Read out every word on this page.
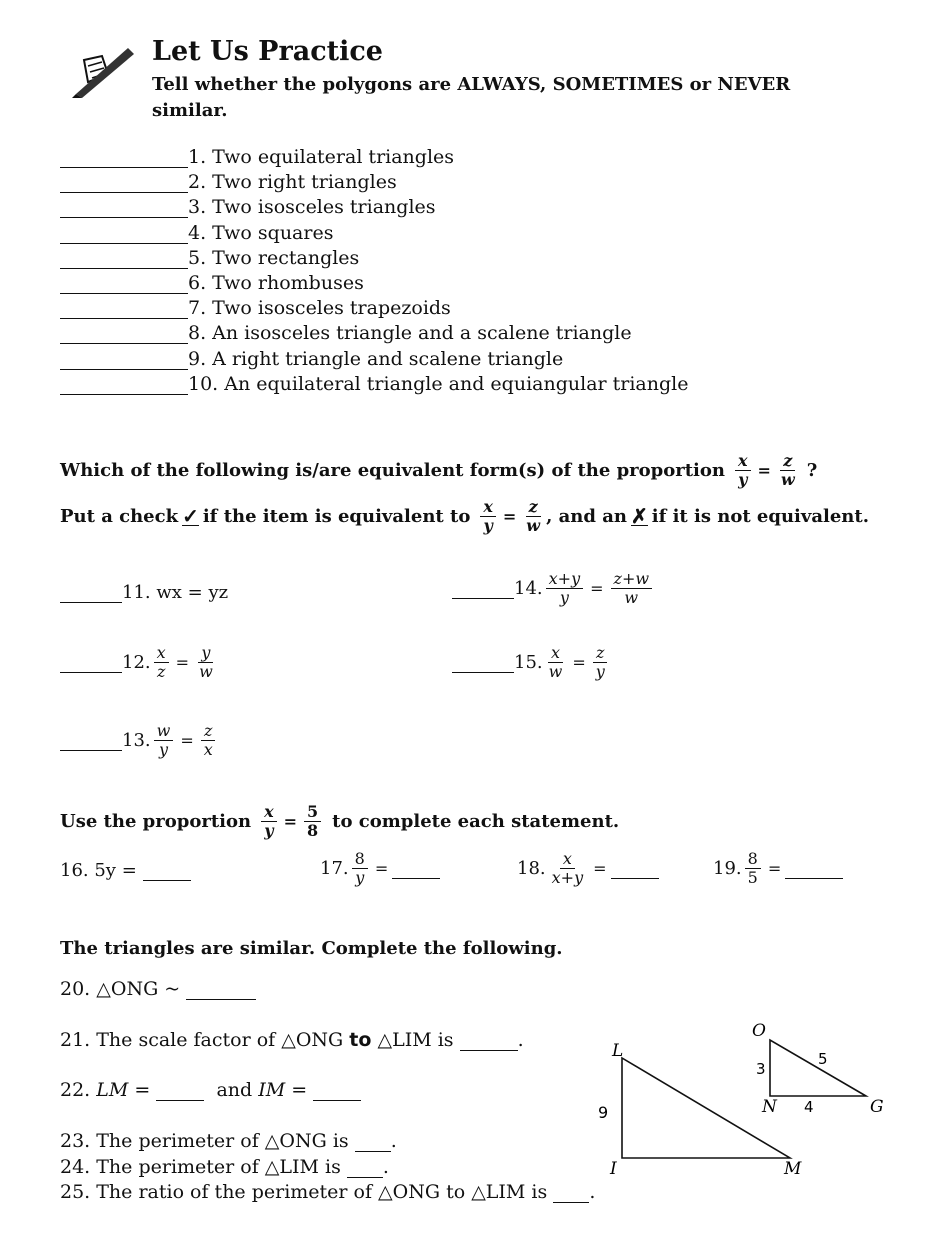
Let Us Practice
Tell whether the polygons are ALWAYS, SOMETIMES or NEVER similar.
1. Two equilateral triangles
2. Two right triangles
3. Two isosceles triangles
4. Two squares
5. Two rectangles
6. Two rhombuses
7. Two isosceles trapezoids
8. An isosceles triangle and a scalene triangle
9. A right triangle and scalene triangle
10. An equilateral triangle and equiangular triangle
Which of the following is/are equivalent form(s) of the proportion $\frac{x}{y} = \frac{z}{w}$ ?
Put a check ✓ if the item is equivalent to $\frac{x}{y} = \frac{z}{w}$ , and an ✗ if it is not equivalent.
11.
wx = yz
12. $\frac{x}{z} = \frac{y}{w}$
13. $\frac{w}{y} = \frac{z}{x}$
14. $\frac{x+y}{y} = \frac{z+w}{w}$
15. $\frac{x}{w} = \frac{z}{y}$
Use the proportion $\frac{x}{y} = \frac{5}{8}$ to complete each statement.
16. 5y =
	17. $\frac{8}{y}$ =	18. $\frac{x}{x+y}$ =	19. $\frac{8}{5}$ =
The triangles are similar. Complete the following.
20. △ONG ~

21. The scale factor of △ONG
to
△LIM is
	.
22.
LM
=

	and
IM
=

23. The perimeter of △ONG is
.
24. The perimeter of △LIM is
.
25. The ratio of the perimeter of △ONG to △LIM is
.
L
I	M
9
O
N	G
3
5
4
